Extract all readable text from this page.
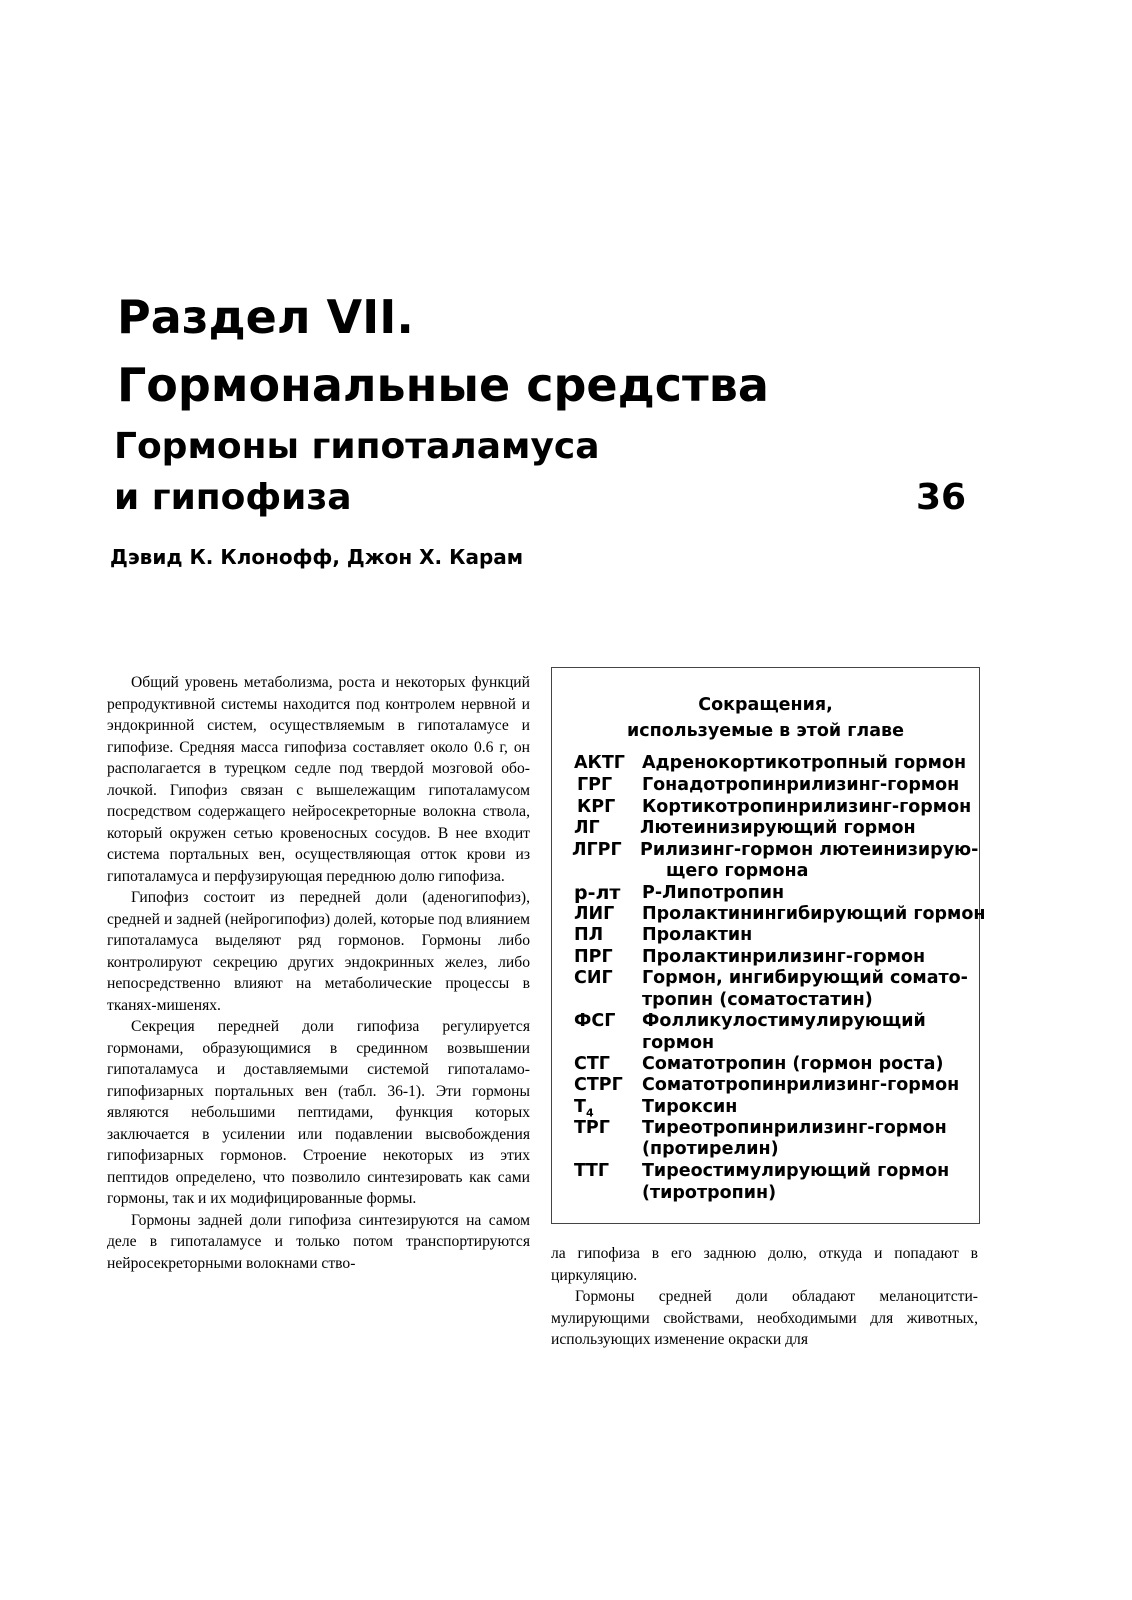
Раздел VII.
Гормональные средства
Гормоны гипоталамуса
и гипофиза	36
Дэвид К. Клонофф, Джон Х. Карам

Общий уровень метаболизма, роста и некоторых функций репродуктивной системы находится под контролем нервной и эндокринной систем, осуществляемым в гипоталамусе и гипофизе. Средняя масса гипофиза составляет около 0.6 г, он располагается в турецком седле под твердой мозговой оболочкой. Гипофиз связан с вышележащим гипоталамусом посредством содержащего нейросекреторные волокна ствола, который окружен сетью кровеносных сосудов. В нее входит система портальных вен, осуществляющая отток крови из гипоталамуса и перфузирующая переднюю долю гипофиза.

Гипофиз состоит из передней доли (аденогипофиз), средней и задней (нейрогипофиз) долей, которые под влиянием гипоталамуса выделяют ряд гормонов. Гормоны либо контролируют секрецию других эндокринных желез, либо непосредственно влияют на метаболические процессы в тканях-мишенях.

Секреция передней доли гипофиза регулируется гормонами, образующимися в срединном возвышении гипоталамуса и доставляемыми системой гипоталамо-гипофизарных портальных вен (табл. 36-1). Эти гормоны являются небольшими пептидами, функция которых заключается в усилении или подавлении высвобождения гипофизарных гормонов. Строение некоторых из этих пептидов определено, что позволило синтезировать как сами гормоны, так и их модифицированные формы.

Гормоны задней доли гипофиза синтезируются на самом деле в гипоталамусе и только потом транспортируются нейросекреторными волокнами ство-

Сокращения,
используемые в этой главе
АКТГ Адренокортикотропный гормон
ГРГ Гонадотропинрилизинг-гормон
КРГ Кортикотропинрилизинг-гормон
ЛГ Лютеинизирующий гормон
ЛГРГ Рилизинг-гормон лютеинизирую-
щего гормона
р-лт Р-Липотропин
ЛИГ Пролактинингибирующий гормон
ПЛ Пролактин
ПРГ Пролактинрилизинг-гормон
СИГ Гормон, ингибирующий сомато-
тропин (соматостатин)
ФСГ Фолликулостимулирующий
гормон
СТГ Соматотропин (гормон роста)
СТРГ Соматотропинрилизинг-гормон
$Т_4$	Тироксин
ТРГ Тиреотропинрилизинг-гормон
(протирелин)
ТТГ Тиреостимулирующий гормон
(тиротропин)

ла гипофиза в его заднюю долю, откуда и попадают в циркуляцию.

Гормоны средней доли обладают меланоцитстимулирующими свойствами, необходимыми для животных, использующих изменение окраски для
